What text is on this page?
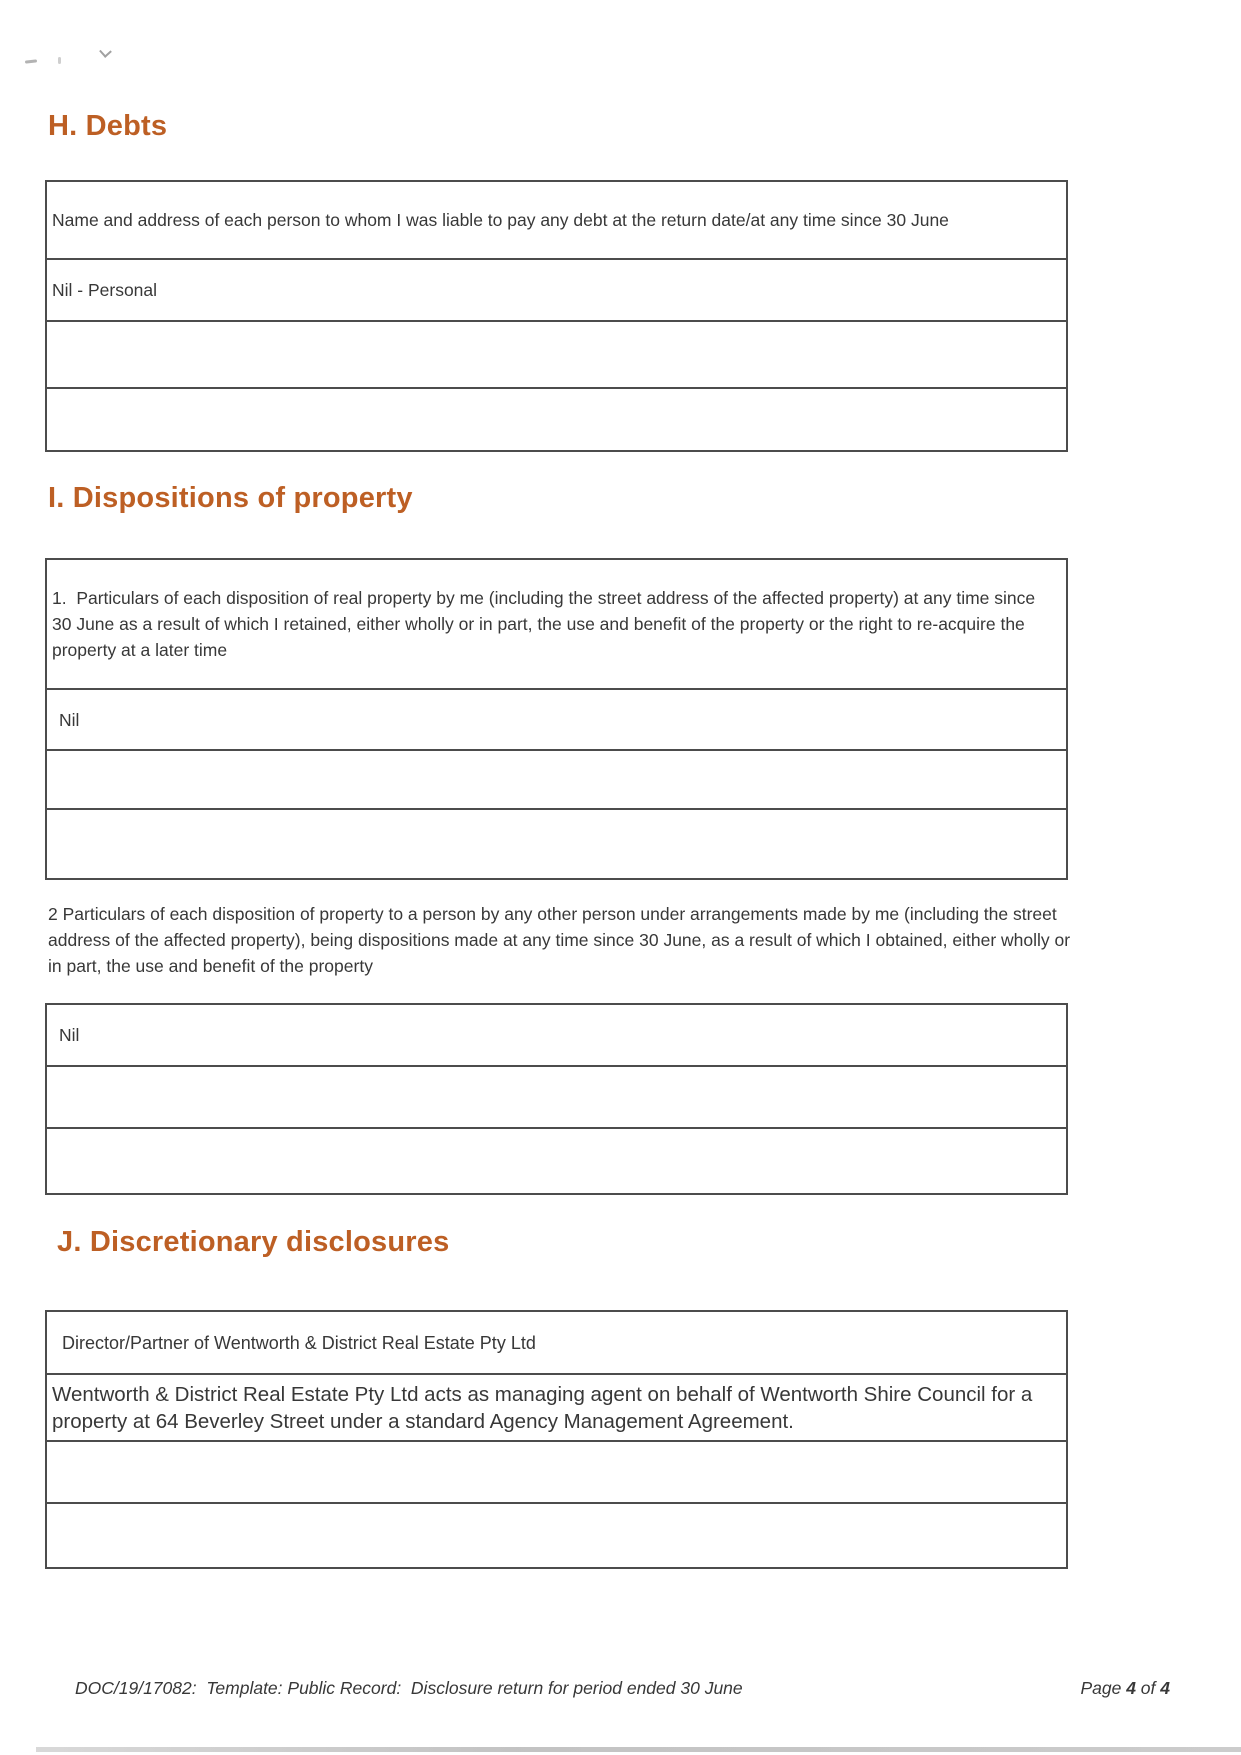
H. Debts
Name and address of each person to whom I was liable to pay any debt at the return date/at any time since 30 June
Nil - Personal
I. Dispositions of property
1.  Particulars of each disposition of real property by me (including the street address of the affected property) at any time since 30 June as a result of which I retained, either wholly or in part, the use and benefit of the property or the right to re-acquire the property at a later time
Nil
2 Particulars of each disposition of property to a person by any other person under arrangements made by me (including the street address of the affected property), being dispositions made at any time since 30 June, as a result of which I obtained, either wholly or in part, the use and benefit of the property
Nil
J. Discretionary disclosures
Director/Partner of Wentworth & District Real Estate Pty Ltd
Wentworth & District Real Estate Pty Ltd acts as managing agent on behalf of Wentworth Shire Council for a property at 64 Beverley Street under a standard Agency Management Agreement.
DOC/19/17082:  Template: Public Record:  Disclosure return for period ended 30 June	Page 4 of 4
